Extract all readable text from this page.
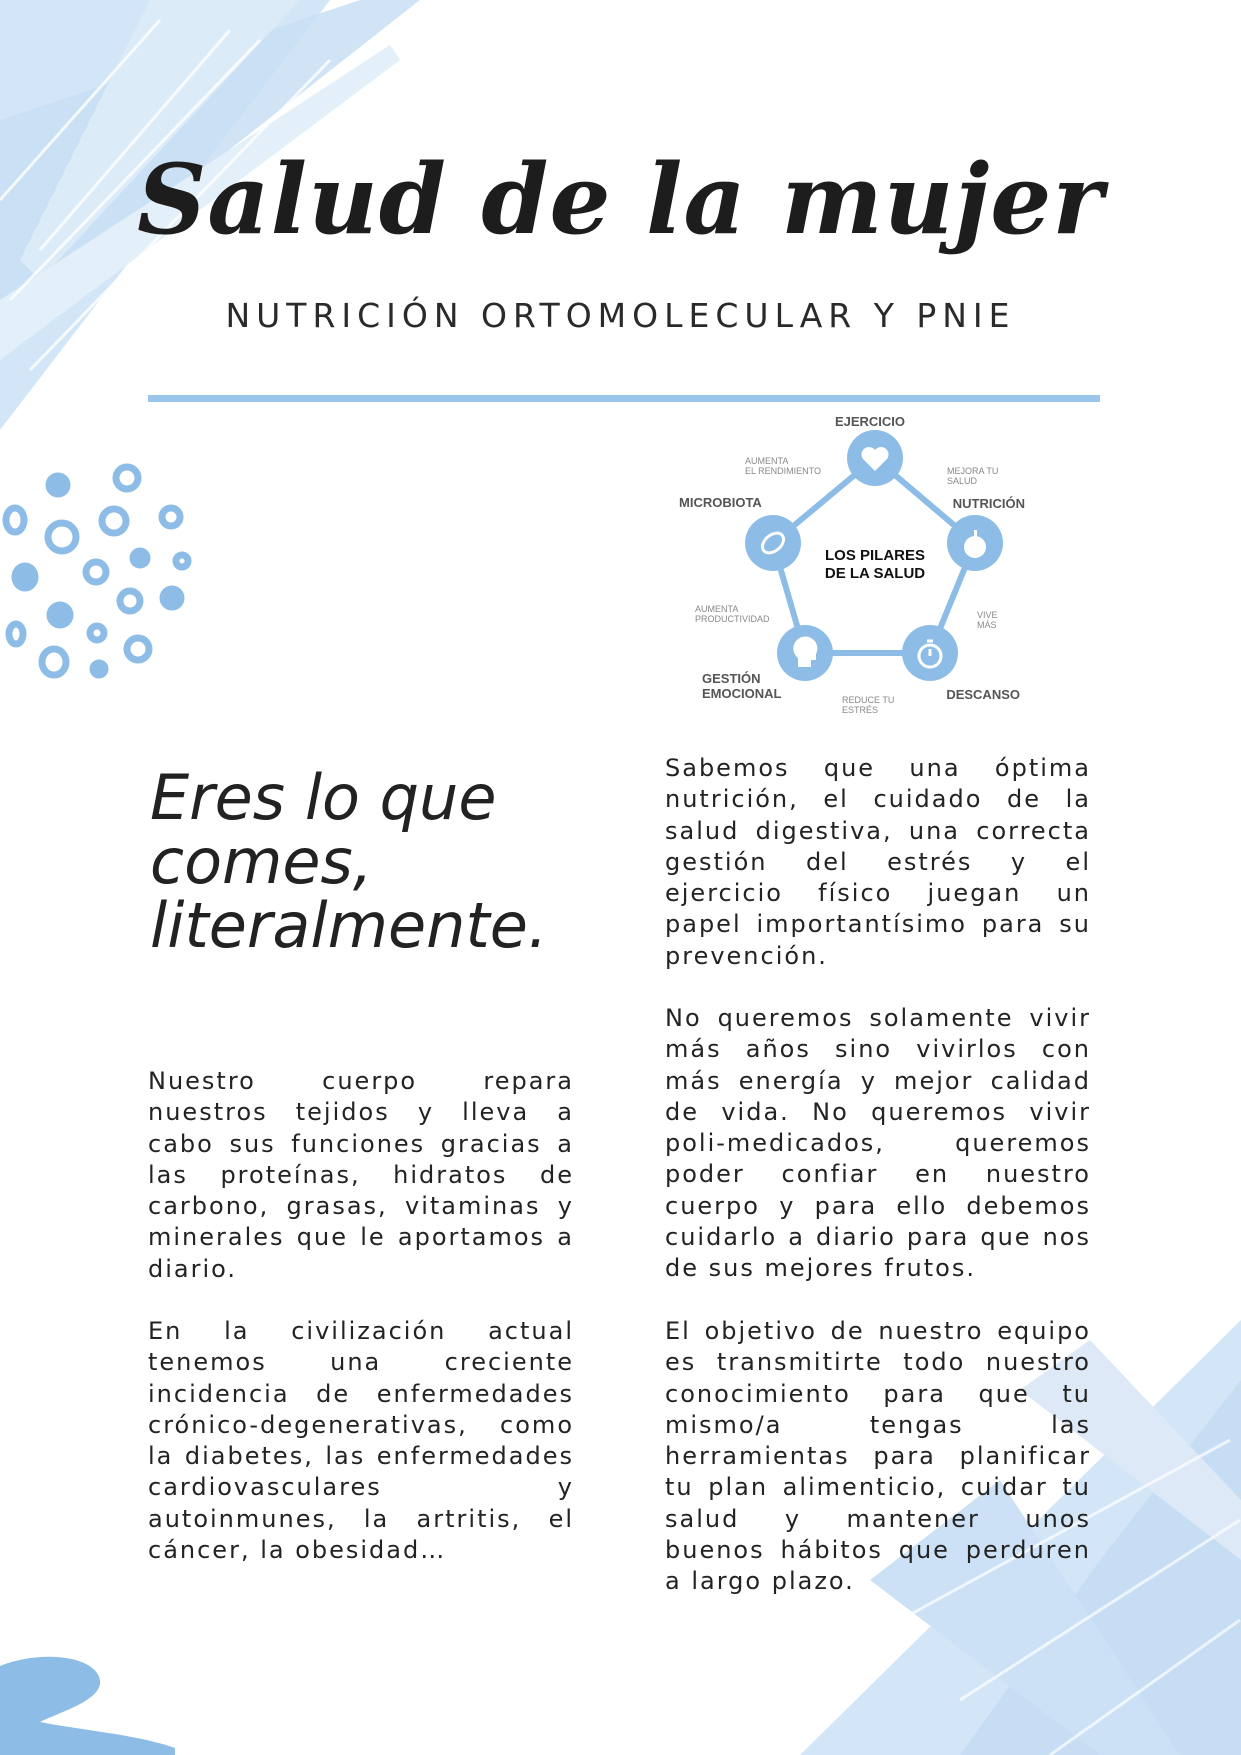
Salud de la mujer
NUTRICIÓN ORTOMOLECULAR Y PNIE
LOS PILARES
DE LA SALUD
EJERCICIO
NUTRICIÓN
DESCANSO
GESTIÓN
EMOCIONAL
MICROBIOTA
MEJORA TU
SALUD
VIVE
MÁS
REDUCE TU
ESTRÉS
AUMENTA
PRODUCTIVIDAD
AUMENTA
EL RENDIMIENTO
Eres lo que comes, literalmente.

Nuestro cuerpo repara nuestros tejidos y lleva a cabo sus funciones gracias a las proteínas, hidratos de carbono, grasas, vitaminas y minerales que le aportamos a diario.

En la civilización actual tenemos una creciente incidencia de enfermedades crónico-degenerativas, como la diabetes, las enfermedades cardiovasculares y autoinmunes, la artritis, el cáncer, la obesidad…

Sabemos que una óptima nutrición, el cuidado de la salud digestiva, una correcta gestión del estrés y el ejercicio físico juegan un papel importantísimo para su prevención.

No queremos solamente vivir más años sino vivirlos con más energía y mejor calidad de vida. No queremos vivir poli-medicados, queremos poder confiar en nuestro cuerpo y para ello debemos cuidarlo a diario para que nos de sus mejores frutos.

El objetivo de nuestro equipo es transmitirte todo nuestro conocimiento para que tu mismo/a tengas las herramientas para planificar tu plan alimenticio, cuidar tu salud y mantener unos buenos hábitos que perduren a largo plazo.
